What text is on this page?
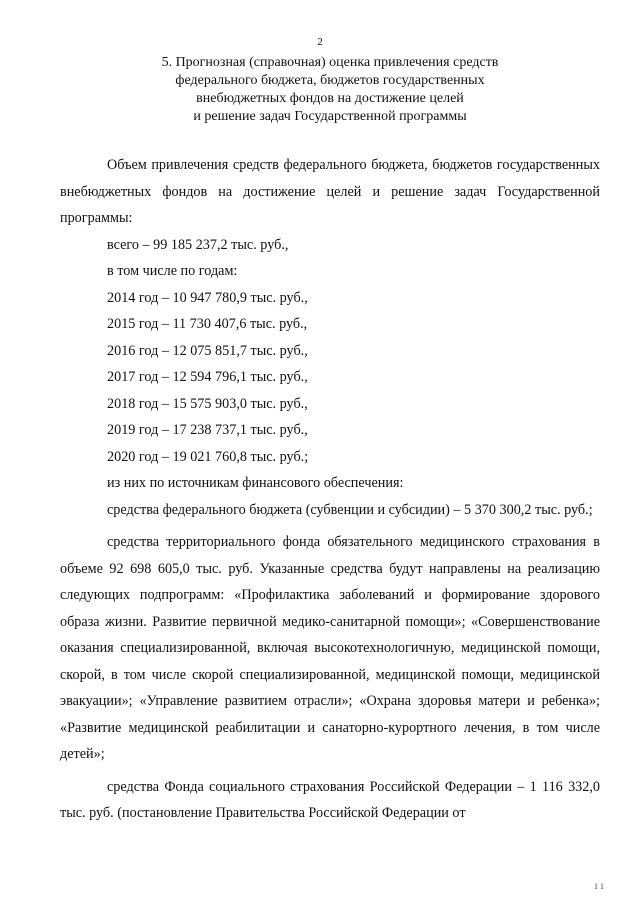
2
5. Прогнозная (справочная) оценка привлечения средств
федерального бюджета, бюджетов государственных
внебюджетных фондов на достижение целей
и решение задач Государственной программы

Объем привлечения средств федерального бюджета, бюджетов государственных внебюджетных фондов на достижение целей и решение задач Государственной программы:

всего – 99 185 237,2 тыс. руб.,
в том числе по годам:
2014 год – 10 947 780,9 тыс. руб.,
2015 год – 11 730 407,6 тыс. руб.,
2016 год – 12 075 851,7 тыс. руб.,
2017 год – 12 594 796,1 тыс. руб.,
2018 год – 15 575 903,0 тыс. руб.,
2019 год – 17 238 737,1 тыс. руб.,
2020 год – 19 021 760,8 тыс. руб.;
из них по источникам финансового обеспечения:

средства федерального бюджета (субвенции и субсидии) – 5 370 300,2 тыс. руб.;

средства территориального фонда обязательного медицинского страхования в объеме 92 698 605,0 тыс. руб. Указанные средства будут направлены на реализацию следующих подпрограмм: «Профилактика заболеваний и формирование здорового образа жизни. Развитие первичной медико-санитарной помощи»; «Совершенствование оказания специализированной, включая высокотехнологичную, медицинской помощи, скорой, в том числе скорой специализированной, медицинской помощи, медицинской эвакуации»; «Управление развитием отрасли»; «Охрана здоровья матери и ребенка»; «Развитие медицинской реабилитации и санаторно-курортного лечения, в том числе детей»;

средства Фонда социального страхования Российской Федерации – 1 116 332,0 тыс. руб. (постановление Правительства Российской Федерации от

1 1
